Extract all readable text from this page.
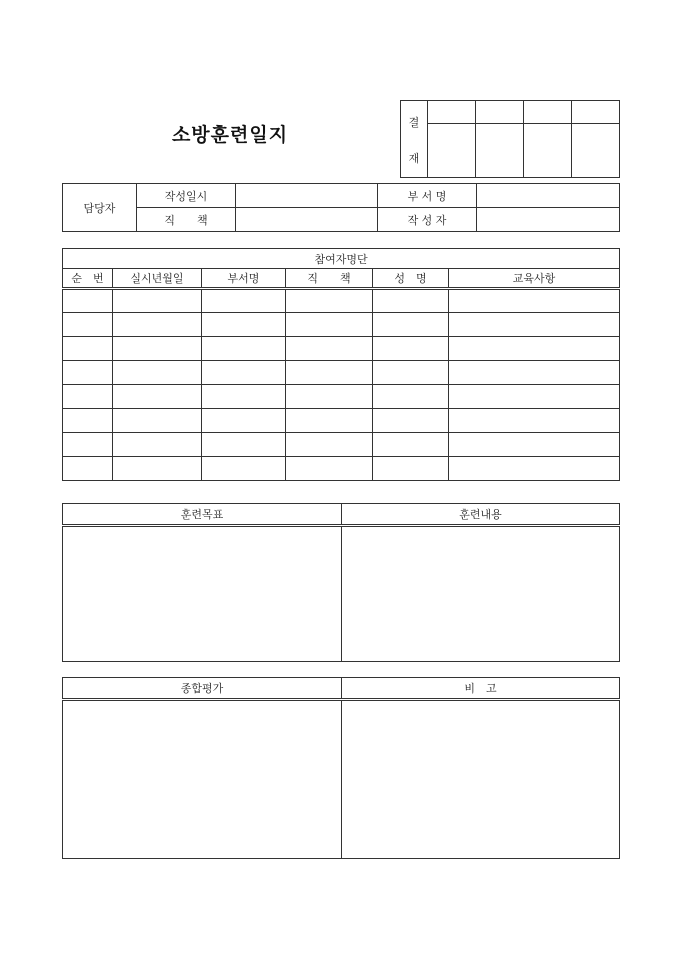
소방훈련일지
결
재				

담당자	작성일시		부 서 명	
	직　　책		작 성 자	
참여자명단					
순　번	실시년월일	부서명	직　　책	성　명	교육사항

훈련목표	훈련내용

종합평가	비　고
